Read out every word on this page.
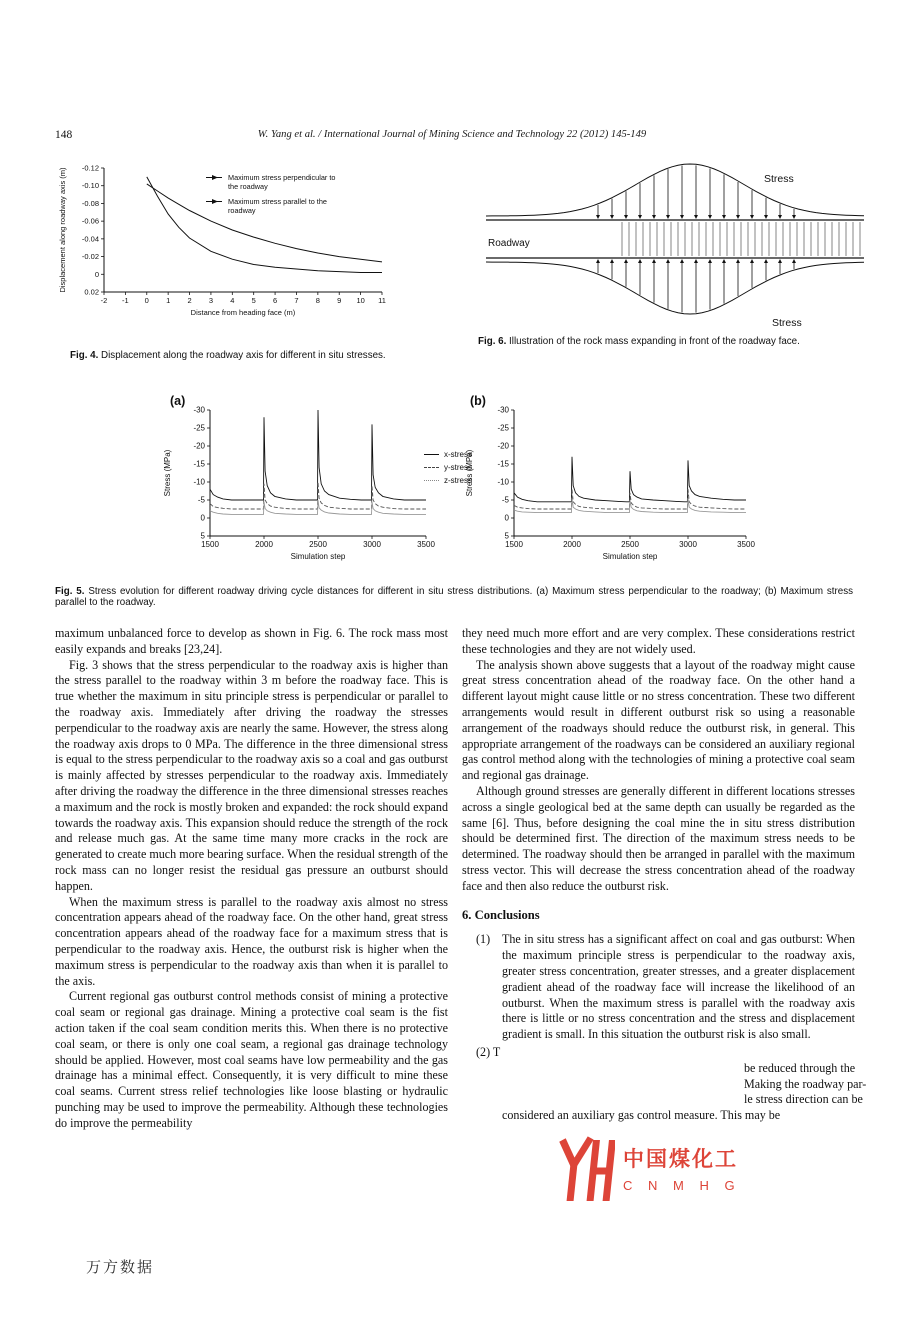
148	W. Yang et al. / International Journal of Mining Science and Technology 22 (2012) 145-149
-0.12
-0.10
-0.08
-0.06
-0.04
-0.02
0
0.02
-2 -1 0 1 2 3 4 5 6 7 8 9 10 11
Distance from heading face (m)
Displacement along roadway axis (m)	Maximum stress perpendicular to
the roadway
Maximum stress parallel to the
roadway
Fig. 4. Displacement along the roadway axis for different in situ stresses.
Stress
Roadway
Stress
Fig. 6. Illustration of the rock mass expanding in front of the roadway face.
(a)
-30
-25
-20
-15
-10
-5
0
5
1500	2000	2500	3000	3500
Simulation step
Stress (MPa)	x-stress
y-stress
z-stress
(b)
-30
-25
-20
-15
-10
-5
0
5
1500	2000	2500	3000	3500
Simulation step
Stress (MPa)
Fig. 5. Stress evolution for different roadway driving cycle distances for different in situ stress distributions. (a) Maximum stress perpendicular to the roadway; (b) Maximum stress parallel to the roadway.

maximum unbalanced force to develop as shown in Fig. 6. The rock mass most easily expands and breaks [23,24].

Fig. 3 shows that the stress perpendicular to the roadway axis is higher than the stress parallel to the roadway within 3 m before the roadway face. This is true whether the maximum in situ principle stress is perpendicular or parallel to the roadway axis. Immediately after driving the roadway the stresses perpendicular to the roadway axis are nearly the same. However, the stress along the roadway axis drops to 0 MPa. The difference in the three dimensional stress is equal to the stress perpendicular to the roadway axis so a coal and gas outburst is mainly affected by stresses perpendicular to the roadway axis. Immediately after driving the roadway the difference in the three dimensional stresses reaches a maximum and the rock is mostly broken and expanded: the rock should expand towards the roadway axis. This expansion should reduce the strength of the rock and release much gas. At the same time many more cracks in the rock are generated to create much more bearing surface. When the residual strength of the rock mass can no longer resist the residual gas pressure an outburst should happen.

When the maximum stress is parallel to the roadway axis almost no stress concentration appears ahead of the roadway face. On the other hand, great stress concentration appears ahead of the roadway face for a maximum stress that is perpendicular to the roadway axis. Hence, the outburst risk is higher when the maximum stress is perpendicular to the roadway axis than when it is parallel to the axis.

Current regional gas outburst control methods consist of mining a protective coal seam or regional gas drainage. Mining a protective coal seam is the fist action taken if the coal seam condition merits this. When there is no protective coal seam, or there is only one coal seam, a regional gas drainage technology should be applied. However, most coal seams have low permeability and the gas drainage has a minimal effect. Consequently, it is very difficult to mine these coal seams. Current stress relief technologies like loose blasting or hydraulic punching may be used to improve the permeability. Although these technologies do improve the permeability

they need much more effort and are very complex. These considerations restrict these technologies and they are not widely used.

The analysis shown above suggests that a layout of the roadway might cause great stress concentration ahead of the roadway face. On the other hand a different layout might cause little or no stress concentration. These two different arrangements would result in different outburst risk so using a reasonable arrangement of the roadways should reduce the outburst risk, in general. This appropriate arrangement of the roadways can be considered an auxiliary regional gas control method along with the technologies of mining a protective coal seam and regional gas drainage.

Although ground stresses are generally different in different locations stresses across a single geological bed at the same depth can usually be regarded as the same [6]. Thus, before designing the coal mine the in situ stress distribution should be determined first. The direction of the maximum stress needs to be determined. The roadway should then be arranged in parallel with the maximum stress vector. This will decrease the stress concentration ahead of the roadway face and then also reduce the outburst risk.

6. Conclusions
(1) The in situ stress has a significant affect on coal and gas outburst: When the maximum principle stress is perpendicular to the roadway axis, greater stress concentration, greater stresses, and a greater displacement gradient ahead of the roadway face will increase the likelihood of an outburst. When the maximum stress is parallel with the roadway axis there is little or no stress concentration and the stress and displacement gradient is small. In this situation the outburst risk is also small.
(2) T
be reduced through the
Making the roadway par-
le stress direction can be
considered an auxiliary gas control measure. This may be
中国煤化工
C N M H G
万方数据
